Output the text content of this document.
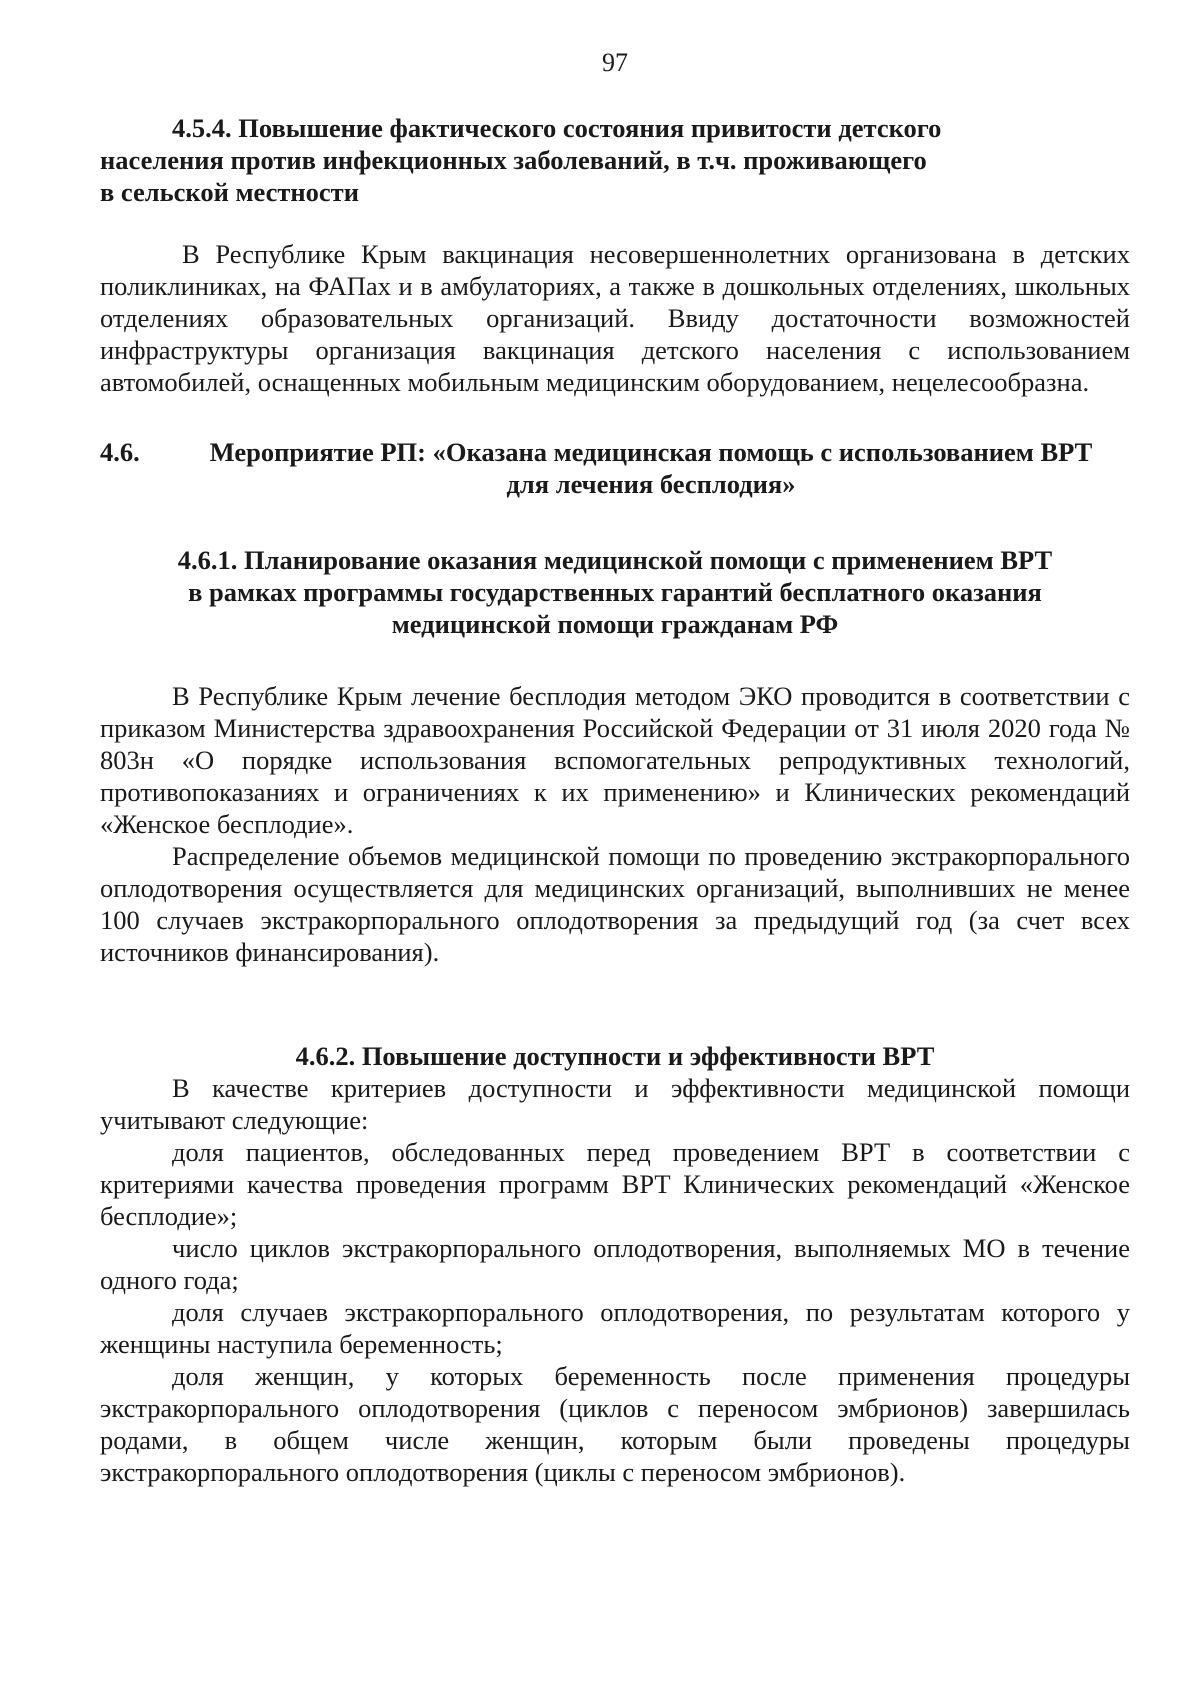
97
4.5.4. Повышение фактического состояния привитости детского
населения против инфекционных заболеваний, в т.ч. проживающего
в сельской местности

В Республике Крым вакцинация несовершеннолетних организована в детских поликлиниках, на ФАПах и в амбулаториях, а также в дошкольных отделениях, школьных отделениях образовательных организаций. Ввиду достаточности возможностей инфраструктуры организация вакцинация детского населения с использованием автомобилей, оснащенных мобильным медицинским оборудованием, нецелесообразна.

4.6.	Мероприятие РП: «Оказана медицинская помощь с использованием ВРТ
для лечения бесплодия»
4.6.1. Планирование оказания медицинской помощи с применением ВРТ
в рамках программы государственных гарантий бесплатного оказания
медицинской помощи гражданам РФ

В Республике Крым лечение бесплодия методом ЭКО проводится в соответствии с приказом Министерства здравоохранения Российской Федерации от 31 июля 2020 года № 803н «О порядке использования вспомогательных репродуктивных технологий, противопоказаниях и ограничениях к их применению» и Клинических рекомендаций «Женское бесплодие».

Распределение объемов медицинской помощи по проведению экстракорпорального оплодотворения осуществляется для медицинских организаций, выполнивших не менее 100 случаев экстракорпорального оплодотворения за предыдущий год (за счет всех источников финансирования).

4.6.2. Повышение доступности и эффективности ВРТ

В качестве критериев доступности и эффективности медицинской помощи учитывают следующие:

доля пациентов, обследованных перед проведением ВРТ в соответствии с критериями качества проведения программ ВРТ Клинических рекомендаций «Женское бесплодие»;

число циклов экстракорпорального оплодотворения, выполняемых МО в течение одного года;

доля случаев экстракорпорального оплодотворения, по результатам которого у женщины наступила беременность;

доля женщин, у которых беременность после применения процедуры экстракорпорального оплодотворения (циклов с переносом эмбрионов) завершилась родами, в общем числе женщин, которым были проведены процедуры экстракорпорального оплодотворения (циклы с переносом эмбрионов).
